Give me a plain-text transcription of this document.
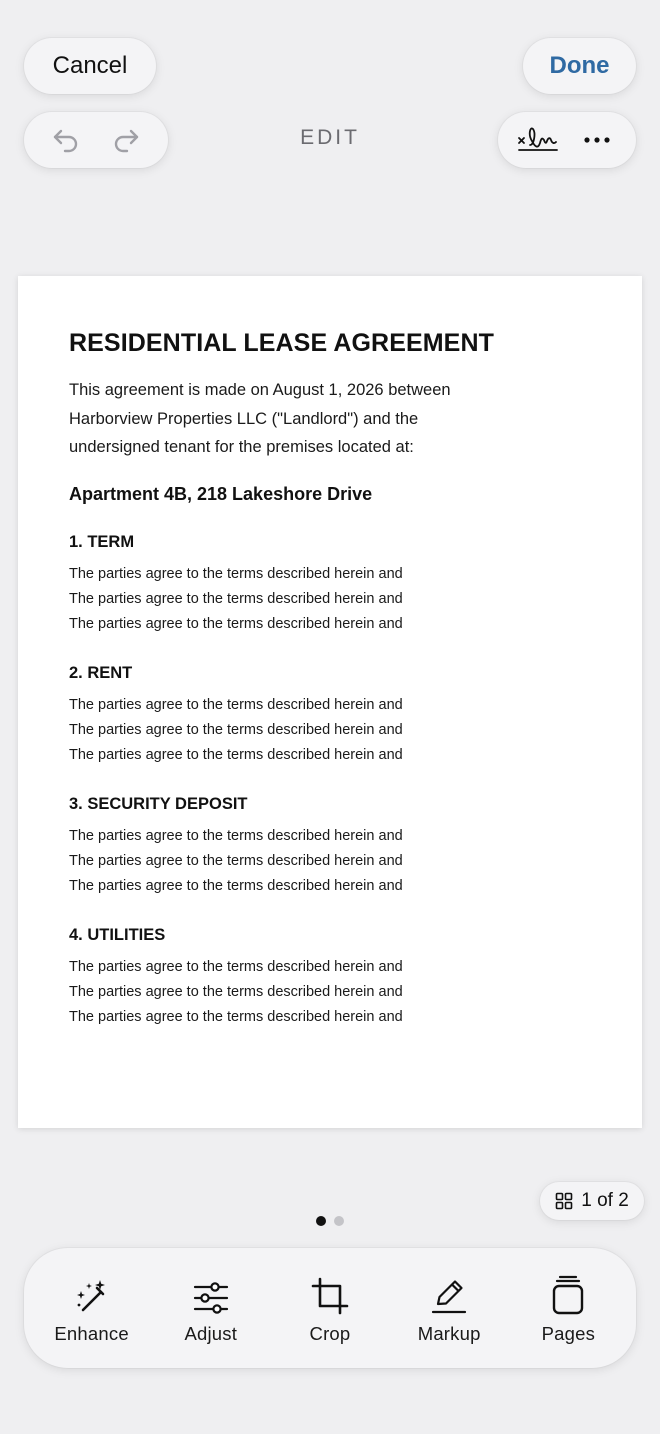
Cancel	Done
EDIT
RESIDENTIAL LEASE AGREEMENT
This agreement is made on August 1, 2026 between
Harborview Properties LLC ("Landlord") and the
undersigned tenant for the premises located at:
Apartment 4B, 218 Lakeshore Drive
1. TERM
The parties agree to the terms described herein and
The parties agree to the terms described herein and
The parties agree to the terms described herein and
2. RENT
The parties agree to the terms described herein and
The parties agree to the terms described herein and
The parties agree to the terms described herein and
3. SECURITY DEPOSIT
The parties agree to the terms described herein and
The parties agree to the terms described herein and
The parties agree to the terms described herein and
4. UTILITIES
The parties agree to the terms described herein and
The parties agree to the terms described herein and
The parties agree to the terms described herein and
1 of 2
Enhance	Adjust	Crop	Markup	Pages
